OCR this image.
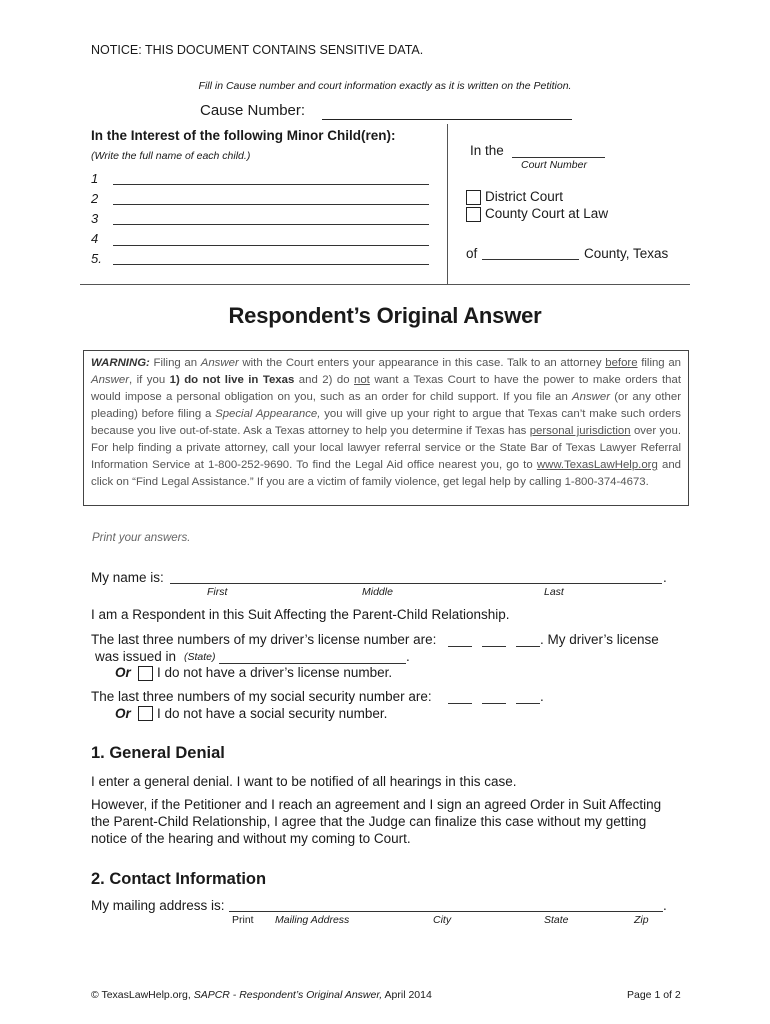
NOTICE: THIS DOCUMENT CONTAINS SENSITIVE DATA.
Fill in Cause number and court information exactly as it is written on the Petition.
Cause Number:
In the Interest of the following Minor Child(ren):
(Write the full name of each child.)
1
2
3
4
5.
In the
Court Number
District Court
County Court at Law
of	County, Texas
Respondent’s Original Answer
WARNING: Filing an Answer with the Court enters your appearance in this case. Talk to an attorney before filing an Answer, if you 1) do not live in Texas and 2) do not want a Texas Court to have the power to make orders that would impose a personal obligation on you, such as an order for child support. If you file an Answer (or any other pleading) before filing a Special Appearance, you will give up your right to argue that Texas can’t make such orders because you live out-of-state. Ask a Texas attorney to help you determine if Texas has personal jurisdiction over you. For help finding a private attorney, call your local lawyer referral service or the State Bar of Texas Lawyer Referral Information Service at 1-800-252-9690. To find the Legal Aid office nearest you, go to www.TexasLawHelp.org and click on “Find Legal Assistance.” If you are a victim of family violence, get legal help by calling 1-800-374-4673.
Print your answers.
My name is:	.
First	Middle	Last
I am a Respondent in this Suit Affecting the Parent-Child Relationship.
The last three numbers of my driver’s license number are:	. My driver’s license
was issued in (State)	.
Or I do not have a driver’s license number.
The last three numbers of my social security number are:	.
Or I do not have a social security number.
1. General Denial
I enter a general denial. I want to be notified of all hearings in this case.
However, if the Petitioner and I reach an agreement and I sign an agreed Order in Suit Affecting
the Parent-Child Relationship, I agree that the Judge can finalize this case without my getting
notice of the hearing and without my coming to Court.
2. Contact Information
My mailing address is:	.
Print Mailing Address	City	State	Zip
© TexasLawHelp.org, SAPCR - Respondent’s Original Answer, April 2014	Page 1 of 2
